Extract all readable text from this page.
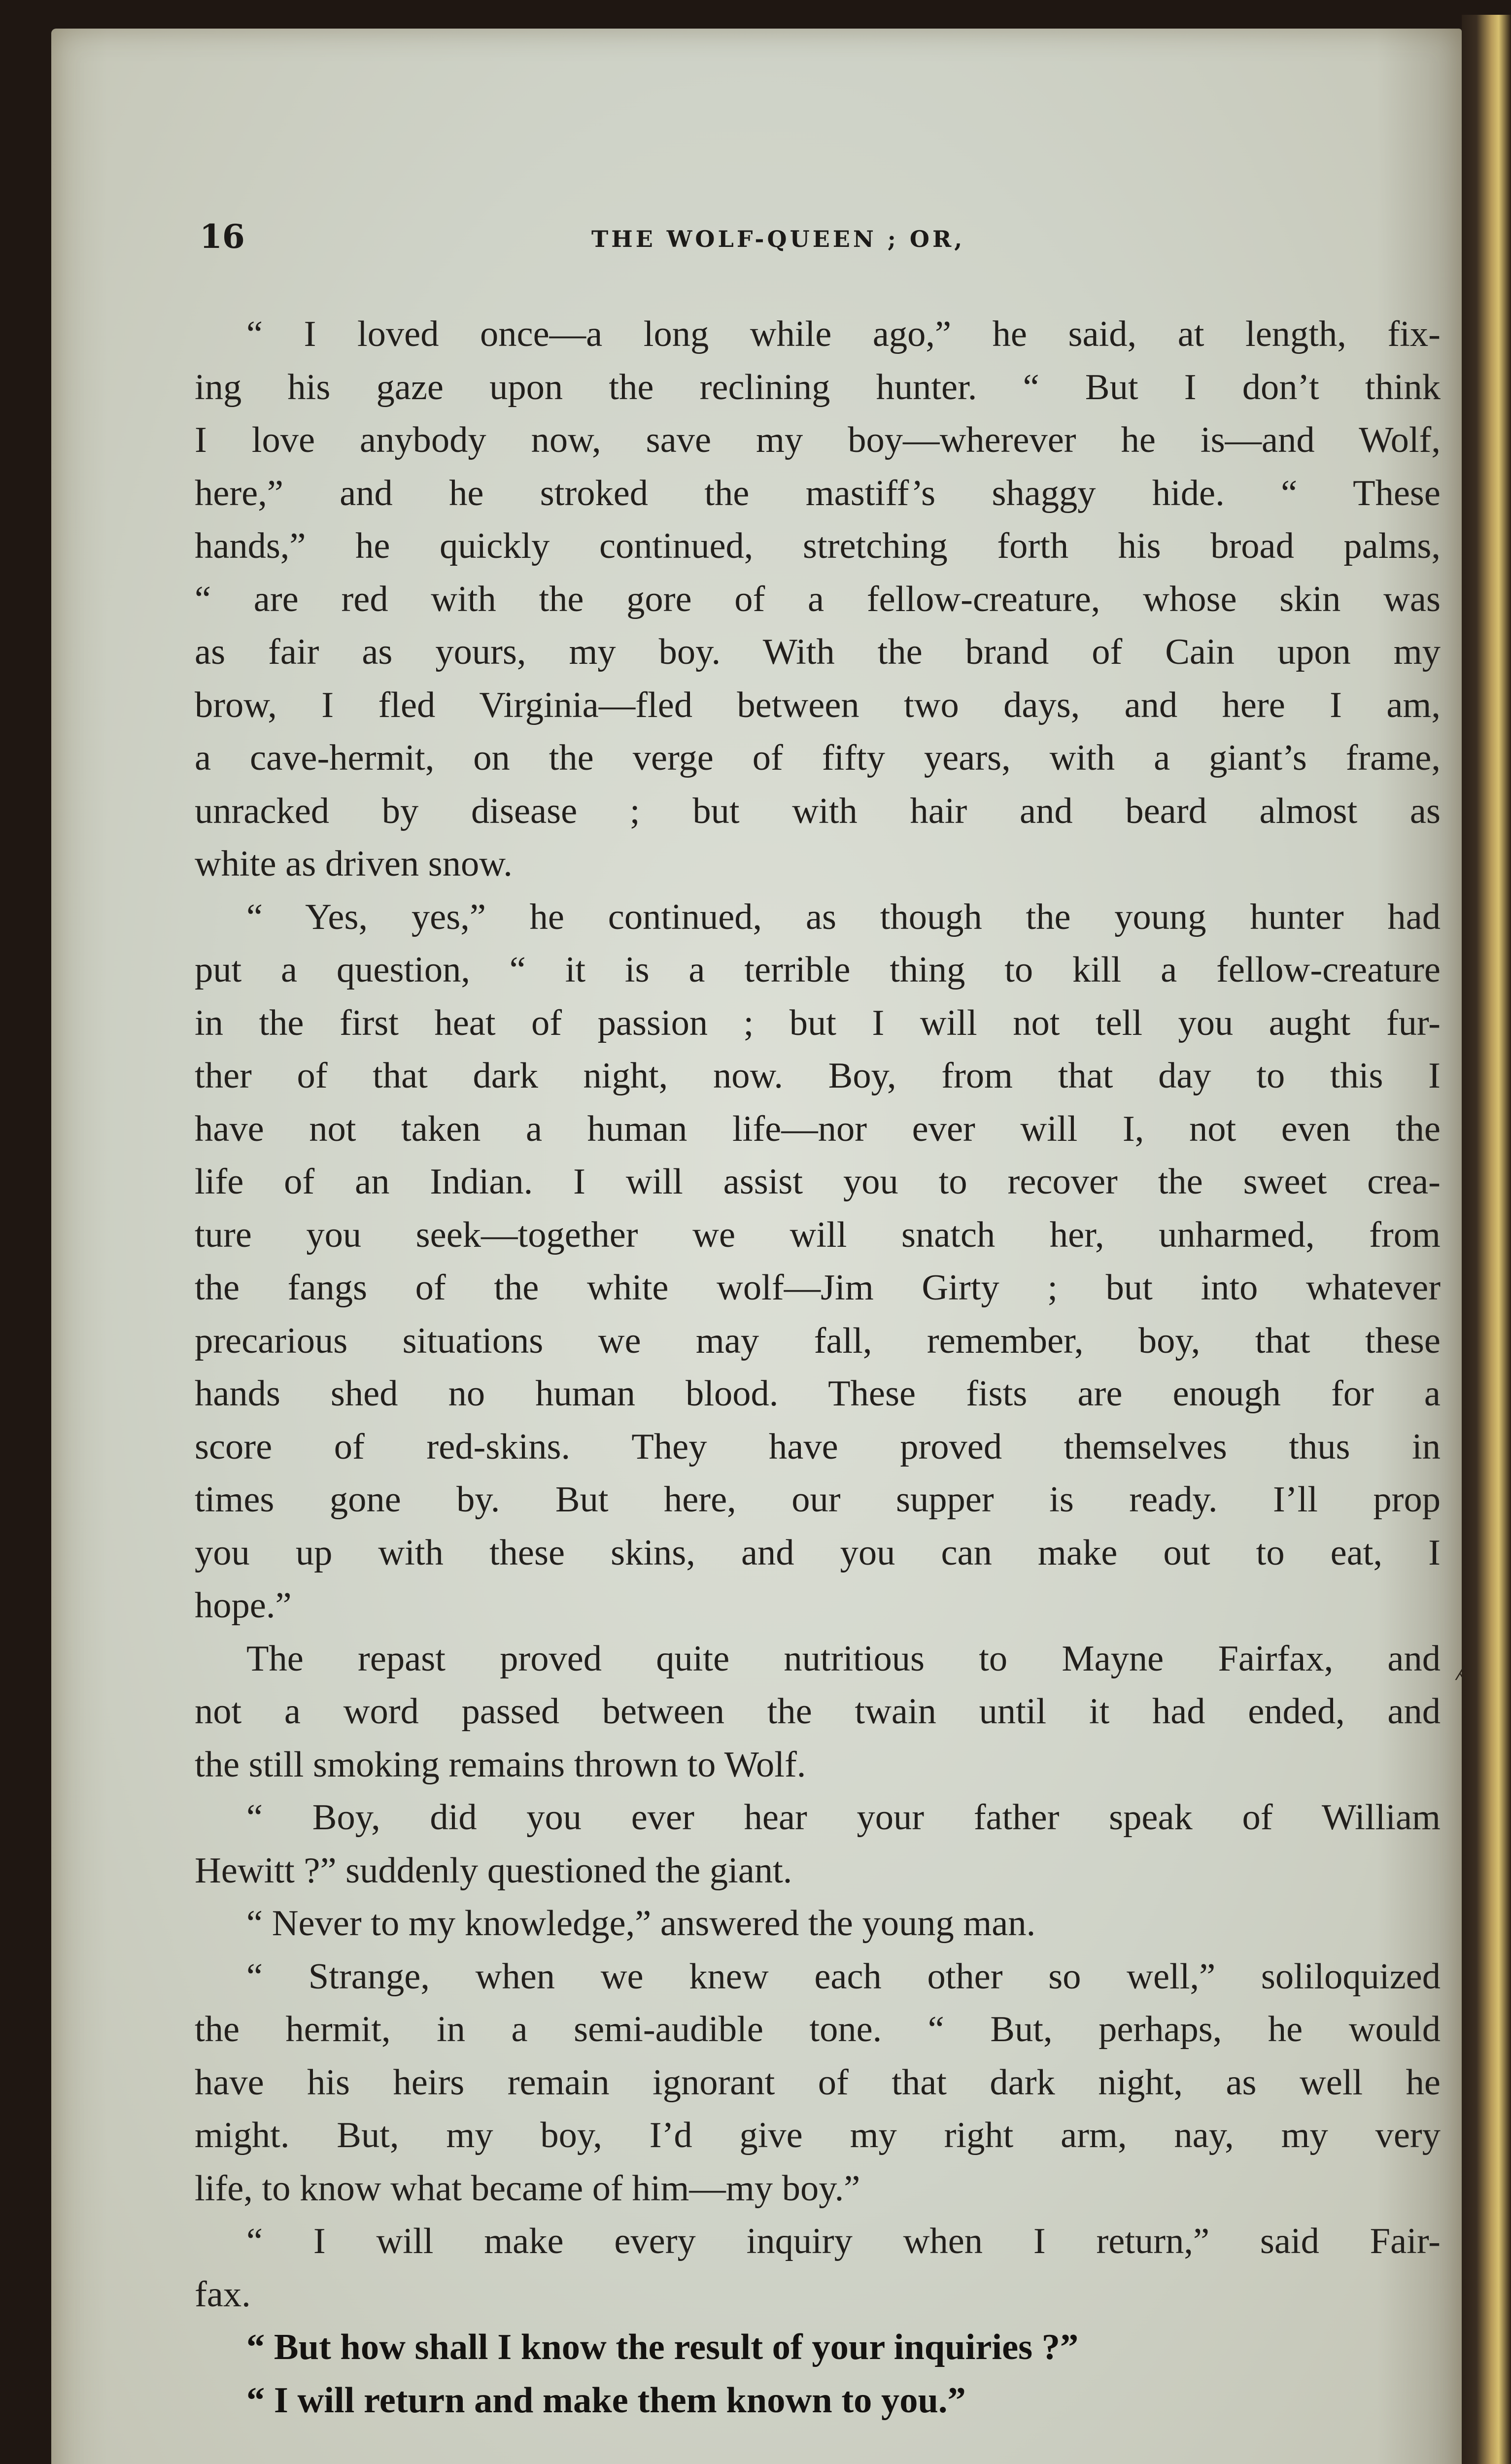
16	THE WOLF-QUEEN ; OR,
“ I loved once—a long while ago,” he said, at length, fix-
ing his gaze upon the reclining hunter. “ But I don’t think
I love anybody now, save my boy—wherever he is—and Wolf,
here,” and he stroked the mastiff’s shaggy hide. “ These
hands,” he quickly continued, stretching forth his broad palms,
“ are red with the gore of a fellow-creature, whose skin was
as fair as yours, my boy. With the brand of Cain upon my
brow, I fled Virginia—fled between two days, and here I am,
a cave-hermit, on the verge of fifty years, with a giant’s frame,
unracked by disease ; but with hair and beard almost as
white as driven snow.
“ Yes, yes,” he continued, as though the young hunter had
put a question, “ it is a terrible thing to kill a fellow-creature
in the first heat of passion ; but I will not tell you aught fur-
ther of that dark night, now. Boy, from that day to this I
have not taken a human life—nor ever will I, not even the
life of an Indian. I will assist you to recover the sweet crea-
ture you seek—together we will snatch her, unharmed, from
the fangs of the white wolf—Jim Girty ; but into whatever
precarious situations we may fall, remember, boy, that these
hands shed no human blood. These fists are enough for a
score of red-skins. They have proved themselves thus in
times gone by. But here, our supper is ready. I’ll prop
you up with these skins, and you can make out to eat, I
hope.”
The repast proved quite nutritious to Mayne Fairfax, and
not a word passed between the twain until it had ended, and
the still smoking remains thrown to Wolf.
“ Boy, did you ever hear your father speak of William
Hewitt ?” suddenly questioned the giant.
“ Never to my knowledge,” answered the young man.
“ Strange, when we knew each other so well,” soliloquized
the hermit, in a semi-audible tone. “ But, perhaps, he would
have his heirs remain ignorant of that dark night, as well he
might. But, my boy, I’d give my right arm, nay, my very
life, to know what became of him—my boy.”
“ I will make every inquiry when I return,” said Fair-
fax.
“ But how shall I know the result of your inquiries ?”
“ I will return and make them known to you.”
⁁
